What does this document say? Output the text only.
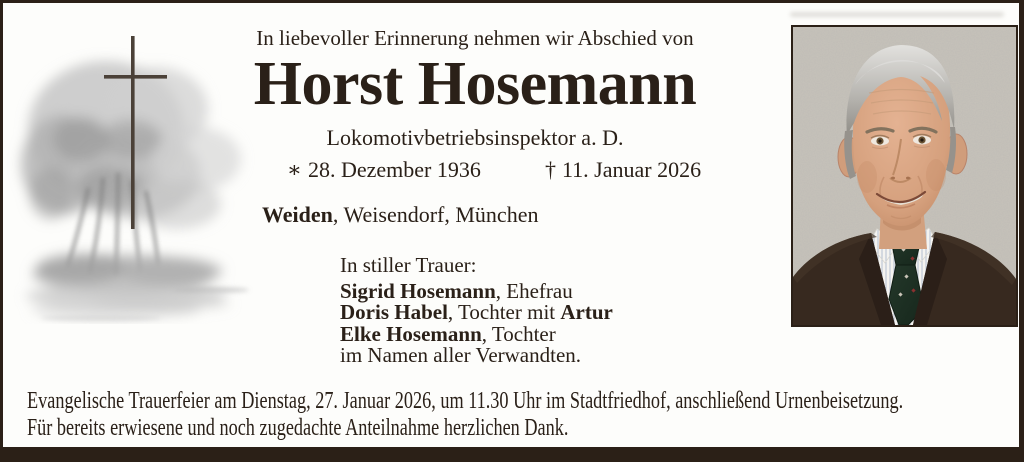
In liebevoller Erinnerung nehmen wir Abschied von
Horst Hosemann
Lokomotivbetriebsinspektor a. D.
∗ 28. Dezember 1936	† 11. Januar 2026
Weiden, Weisendorf, München
In stiller Trauer:
Sigrid Hosemann, Ehefrau
Doris Habel, Tochter mit Artur
Elke Hosemann, Tochter
im Namen aller Verwandten.
Evangelische Trauerfeier am Dienstag, 27. Januar 2026, um 11.30 Uhr im Stadtfriedhof, anschließend Urnenbeisetzung.
Für bereits erwiesene und noch zugedachte Anteilnahme herzlichen Dank.
